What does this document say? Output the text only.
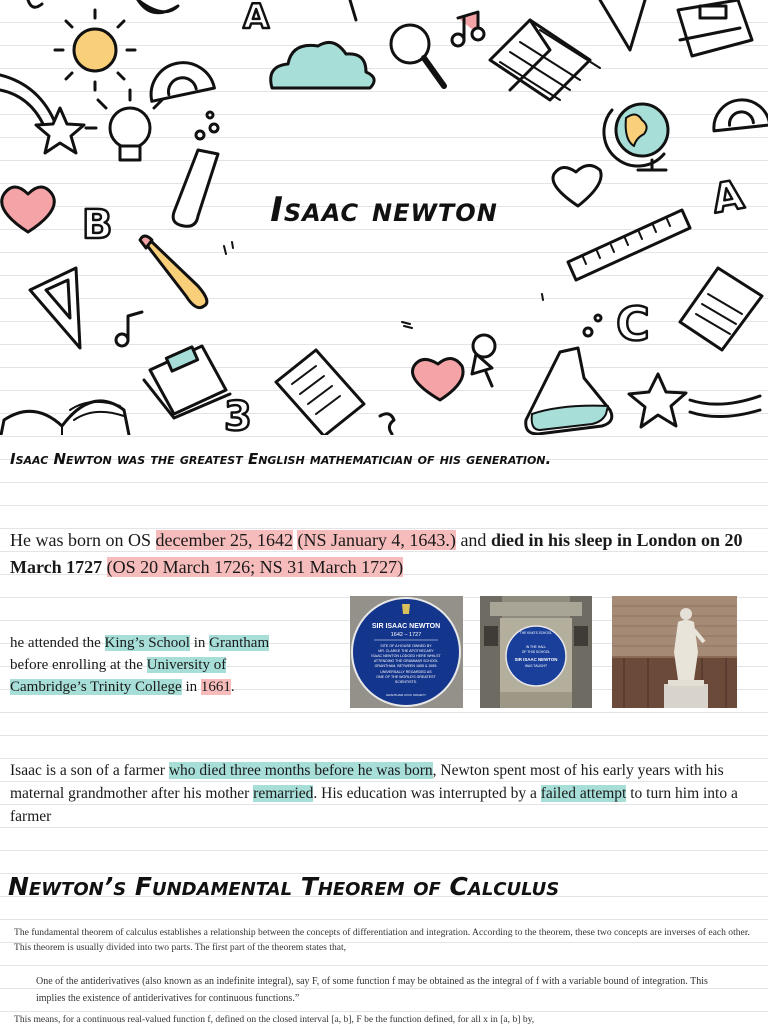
A
B
A
C
3
Isaac newton
Isaac Newton was the greatest English mathematician of his generation.
He was born on OS december 25, 1642 (NS January 4, 1643.) and died in his sleep in London on 20 March 1727 (OS 20 March 1726; NS 31 March 1727)
he attended the King’s School in Grantham before enrolling at the University of Cambridge’s Trinity College in 1661.
SIR ISAAC NEWTON
1642 – 1727
SITE OF A HOUSE OWNED BY
MR. CLARKE THE APOTHECARY
ISAAC NEWTON LODGED HERE WHILST
ATTENDING THE GRAMMAR SCHOOL
GRANTHAM, BETWEEN 1655 & 1659.
UNIVERSALLY REGARDED AS
ONE OF THE WORLD'S GREATEST
SCIENTISTS.
GRANTHAM CIVIC SOCIETY
THE KING'S SCHOOL
IN THE HALL
OF THIS SCHOOL
SIR ISAAC NEWTON
WAS TAUGHT
Isaac is a son of a farmer who died three months before he was born, Newton spent most of his early years with his maternal grandmother after his mother remarried. His education was interrupted by a failed attempt to turn him into a farmer
Newton’s Fundamental Theorem of Calculus
The fundamental theorem of calculus establishes a relationship between the concepts of differentiation and integration. According to the theorem, these two concepts are inverses of each other. This theorem is usually divided into two parts. The first part of the theorem states that,
One of the antiderivatives (also known as an indefinite integral), say F, of some function f may be obtained as the integral of f with a variable bound of integration. This implies the existence of antiderivatives for continuous functions.”
This means, for a continuous real-valued function f, defined on the closed interval [a, b], F be the function defined, for all x in [a, b] by,
